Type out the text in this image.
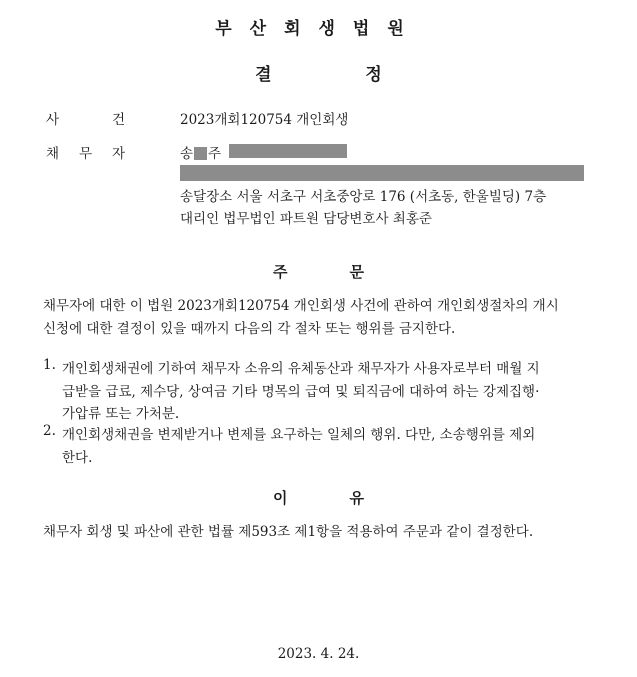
부산회생법원
결	정
사	건	2023개회120754 개인회생
채 무 자	송 주
송달장소 서울 서초구 서초중앙로 176 (서초동, 한울빌딩) 7층
대리인 법무법인 파트원 담당변호사 최홍준
주	문
채무자에 대한 이 법원 2023개회120754 개인회생 사건에 관하여 개인회생절차의 개시
신청에 대한 결정이 있을 때까지 다음의 각 절차 또는 행위를 금지한다.
1. 개인회생채권에 기하여 채무자 소유의 유체동산과 채무자가 사용자로부터 매월 지
급받을 급료, 제수당, 상여금 기타 명목의 급여 및 퇴직금에 대하여 하는 강제집행·
가압류 또는 가처분.
2. 개인회생채권을 변제받거나 변제를 요구하는 일체의 행위. 다만, 소송행위를 제외
한다.
이	유
채무자 회생 및 파산에 관한 법률 제593조 제1항을 적용하여 주문과 같이 결정한다.
2023. 4. 24.
